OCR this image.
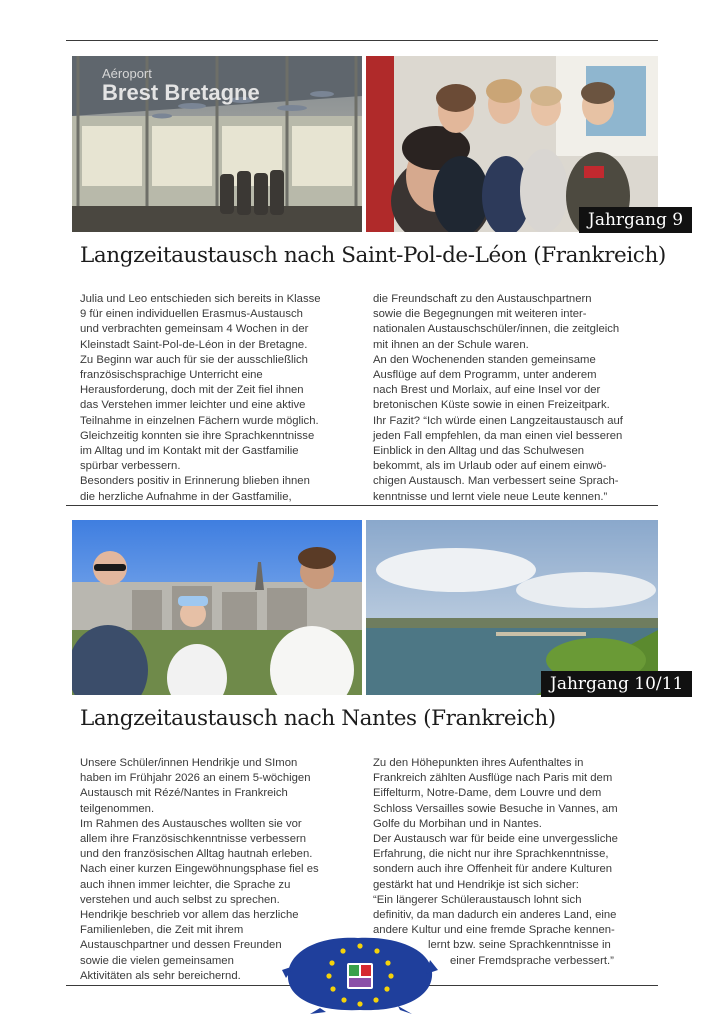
Aéroport
Brest Bretagne
Jahrgang 9
Langzeitaustausch nach Saint-Pol-de-Léon (Frankreich)

Julia und Leo entschieden sich bereits in Klasse

9 für einen individuellen Erasmus-Austausch

und verbrachten gemeinsam 4 Wochen in der

Kleinstadt Saint-Pol-de-Léon in der Bretagne.

Zu Beginn war auch für sie der ausschließlich

französischsprachige Unterricht eine

Herausforderung, doch mit der Zeit fiel ihnen

das Verstehen immer leichter und eine aktive

Teilnahme in einzelnen Fächern wurde möglich.

Gleichzeitig konnten sie ihre Sprachkenntnisse

im Alltag und im Kontakt mit der Gastfamilie

spürbar verbessern.

Besonders positiv in Erinnerung blieben ihnen

die herzliche Aufnahme in der Gastfamilie,

die Freundschaft zu den Austauschpartnern

sowie die Begegnungen mit weiteren inter-

nationalen Austauschschüler/innen, die zeitgleich

mit ihnen an der Schule waren.

An den Wochenenden standen gemeinsame

Ausflüge auf dem Programm, unter anderem

nach Brest und Morlaix, auf eine Insel vor der

bretonischen Küste sowie in einen Freizeitpark.

Ihr Fazit? “Ich würde einen Langzeitaustausch auf

jeden Fall empfehlen, da man einen viel besseren

Einblick in den Alltag und das Schulwesen

bekommt, als im Urlaub oder auf einem einwö-

chigen Austausch. Man verbessert seine Sprach-

kenntnisse und lernt viele neue Leute kennen.”

Jahrgang 10/11
Langzeitaustausch nach Nantes (Frankreich)

Unsere Schüler/innen Hendrikje und SImon

haben im Frühjahr 2026 an einem 5-wöchigen

Austausch mit Rézé/Nantes in Frankreich

teilgenommen.

Im Rahmen des Austausches wollten sie vor

allem ihre Französischkenntnisse verbessern

und den französischen Alltag hautnah erleben.

Nach einer kurzen Eingewöhnungsphase fiel es

auch ihnen immer leichter, die Sprache zu

verstehen und auch selbst zu sprechen.

Hendrikje beschrieb vor allem das herzliche

Familienleben, die Zeit mit ihrem

Austauschpartner und dessen Freunden

sowie die vielen gemeinsamen

Aktivitäten als sehr bereichernd.

Zu den Höhepunkten ihres Aufenthaltes in

Frankreich zählten Ausflüge nach Paris mit dem

Eiffelturm, Notre-Dame, dem Louvre und dem

Schloss Versailles sowie Besuche in Vannes, am

Golfe du Morbihan und in Nantes.

Der Austausch war für beide eine unvergessliche

Erfahrung, die nicht nur ihre Sprachkenntnisse,

sondern auch ihre Offenheit für andere Kulturen

gestärkt hat und Hendrikje ist sich sicher:

“Ein längerer Schüleraustausch lohnt sich

definitiv, da man dadurch ein anderes Land, eine

andere Kultur und eine fremde Sprache kennen-

lernt bzw. seine Sprachkenntnisse in

einer Fremdsprache verbessert.”
